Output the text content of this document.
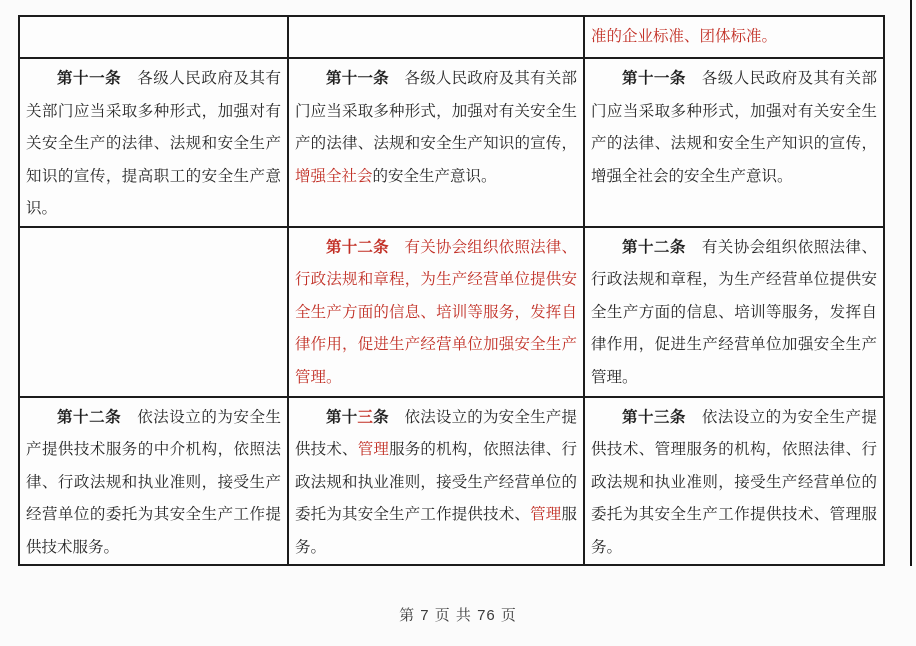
		准的企业标准、团体标准。

第十一条　各级人民政府及其有关部门应当采取多种形式，加强对有关安全生产的法律、法规和安全生产知识的宣传，提高职工的安全生产意识。	第十一条　各级人民政府及其有关部门应当采取多种形式，加强对有关安全生产的法律、法规和安全生产知识的宣传，增强全社会的安全生产意识。	第十一条　各级人民政府及其有关部门应当采取多种形式，加强对有关安全生产的法律、法规和安全生产知识的宣传，增强全社会的安全生产意识。

	第十二条　有关协会组织依照法律、行政法规和章程，为生产经营单位提供安全生产方面的信息、培训等服务，发挥自律作用，促进生产经营单位加强安全生产管理。	第十二条　有关协会组织依照法律、行政法规和章程，为生产经营单位提供安全生产方面的信息、培训等服务，发挥自律作用，促进生产经营单位加强安全生产管理。

第十二条　依法设立的为安全生产提供技术服务的中介机构，依照法律、行政法规和执业准则，接受生产经营单位的委托为其安全生产工作提供技术服务。	第十三条　依法设立的为安全生产提供技术、管理服务的机构，依照法律、行政法规和执业准则，接受生产经营单位的委托为其安全生产工作提供技术、管理服务。	第十三条　依法设立的为安全生产提供技术、管理服务的机构，依照法律、行政法规和执业准则，接受生产经营单位的委托为其安全生产工作提供技术、管理服务。

第 7 页 共 76 页
